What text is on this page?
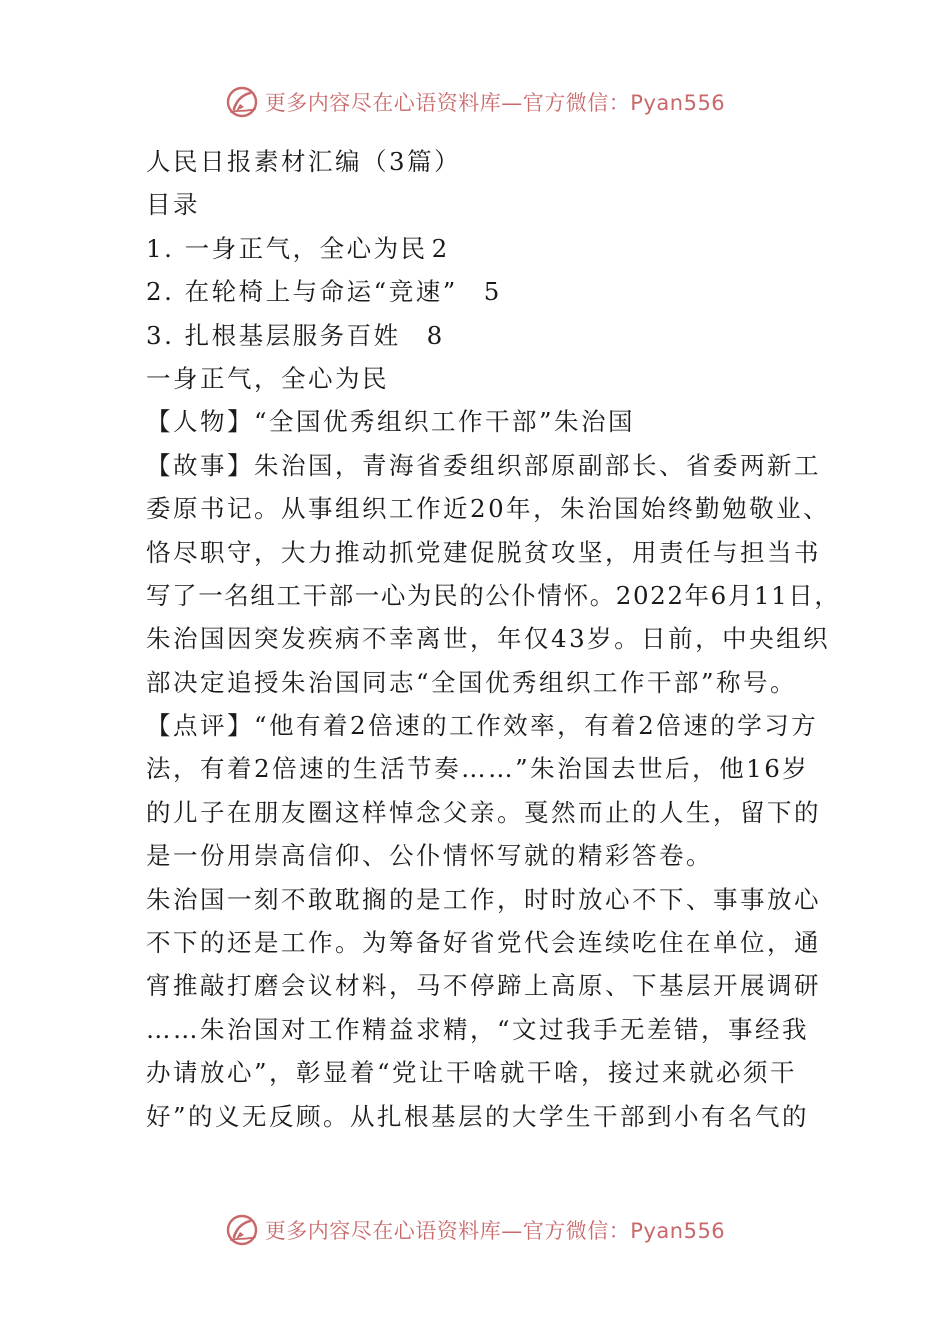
更多内容尽在心语资料库—官方微信：Pyan556
人民日报素材汇编（3篇）
目录
1. 一身正气，全心为民 2
2. 在轮椅上与命运“竞速” 5
3. 扎根基层服务百姓 8
一身正气，全心为民
【人物】“全国优秀组织工作干部”朱治国
【故事】朱治国，青海省委组织部原副部长、省委两新工
委原书记。从事组织工作近20年，朱治国始终勤勉敬业、
恪尽职守，大力推动抓党建促脱贫攻坚，用责任与担当书
写了一名组工干部一心为民的公仆情怀。2022年6月11日，
朱治国因突发疾病不幸离世，年仅43岁。日前，中央组织
部决定追授朱治国同志“全国优秀组织工作干部”称号。
【点评】“他有着2倍速的工作效率，有着2倍速的学习方
法，有着2倍速的生活节奏……”朱治国去世后，他16岁
的儿子在朋友圈这样悼念父亲。戛然而止的人生，留下的
是一份用崇高信仰、公仆情怀写就的精彩答卷。
朱治国一刻不敢耽搁的是工作，时时放心不下、事事放心
不下的还是工作。为筹备好省党代会连续吃住在单位，通
宵推敲打磨会议材料，马不停蹄上高原、下基层开展调研
……朱治国对工作精益求精，“文过我手无差错，事经我
办请放心”，彰显着“党让干啥就干啥，接过来就必须干
好”的义无反顾。从扎根基层的大学生干部到小有名气的
更多内容尽在心语资料库—官方微信：Pyan556
